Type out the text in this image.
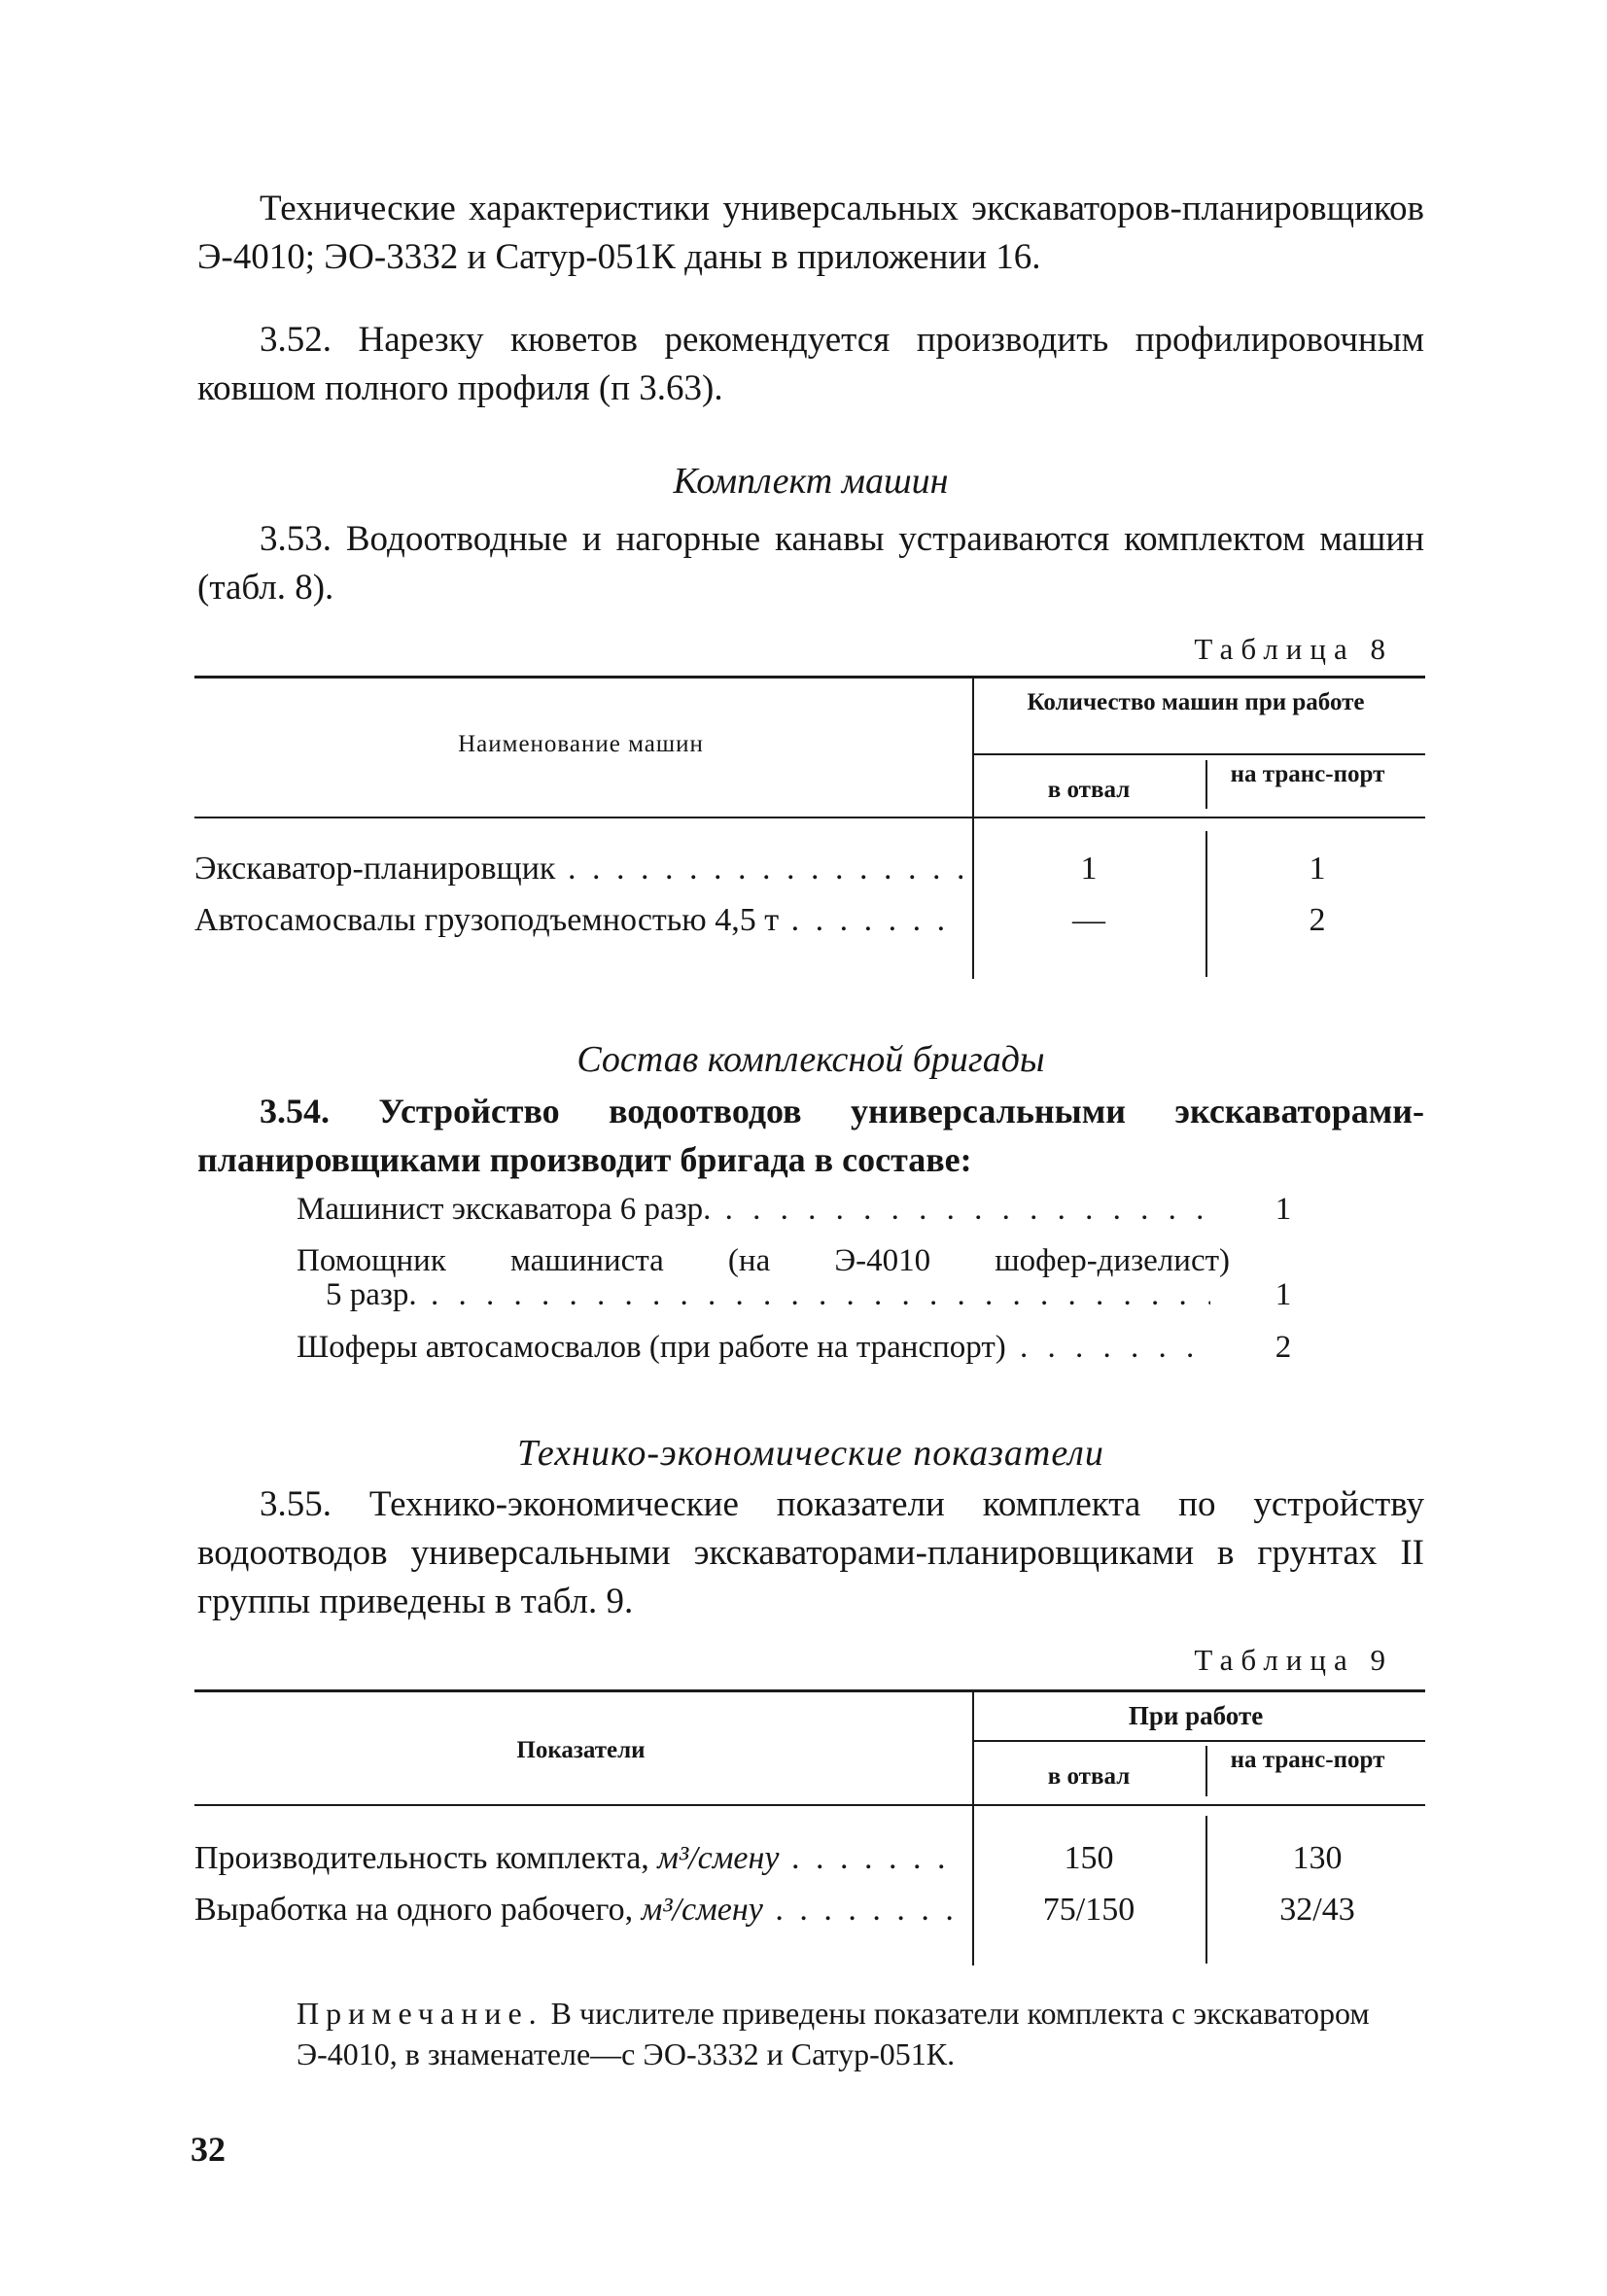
Технические характеристики универсальных экскаваторов-планировщиков Э-4010; ЭО-3332 и Сатур-051К даны в приложении 16.

3.52. Нарезку кюветов рекомендуется производить профилировочным ковшом полного профиля (п 3.63).

Комплект машин

3.53. Водоотводные и нагорные канавы устраиваются комплектом машин (табл. 8).

Таблица 8
Наименование машин
Количество машин при работе
в отвал
на транс-порт
Экскаватор-планировщик . . .	1	1
Автосамосвалы грузоподъемностью 4,5 т . . .	—	2

Состав комплексной бригады

3.54. Устройство водоотводов универсальными экскаваторами-планировщиками производит бригада в составе:

Машинист экскаватора 6 разр. . . .	1
Помощник машиниста (на Э-4010 шофер-дизелист)
5 разр. . . .	1
Шоферы автосамосвалов (при работе на транспорт) . . .	2

Технико-экономические показатели

3.55. Технико-экономические показатели комплекта по устройству водоотводов универсальными экскаваторами-планировщиками в грунтах II группы приведены в табл. 9.

Таблица 9
Показатели
При работе
в отвал
на транс-порт
Производительность комплекта, м³/смену . . .	150	130
Выработка на одного рабочего, м³/смену . . .	75/150	32/43

Примечание. В числителе приведены показатели комплекта с экскаватором Э-4010, в знаменателе—с ЭО-3332 и Сатур-051К.

32
